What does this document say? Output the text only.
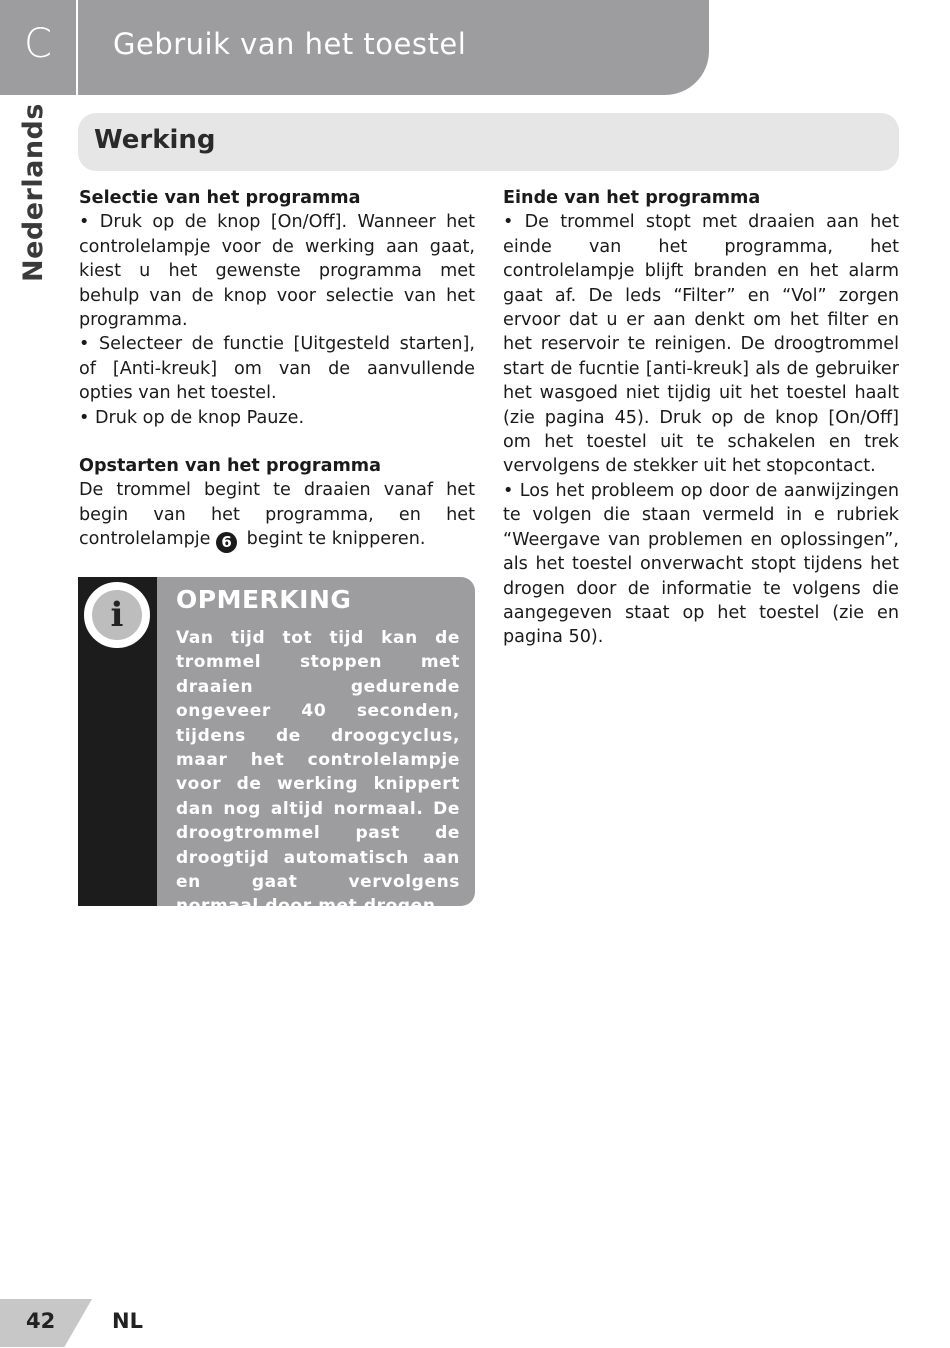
C Gebruik van het toestel
Nederlands Werking
Selectie van het programma

• Druk op de knop [On/Off]. Wanneer het controlelampje voor de werking aan gaat, kiest u het gewenste programma met behulp van de knop voor selectie van het programma.

• Selecteer de functie [Uitgesteld starten], of [Anti-kreuk] om van de aanvullende opties van het toestel.

• Druk op de knop Pauze.

Opstarten van het programma

De trommel begint te draaien vanaf het begin van het programma, en het controlelampje 6 begint te knipperen.

i	OPMERKING

Van tijd tot tijd kan de trommel stoppen met draaien gedurende ongeveer 40 seconden, tijdens de droogcyclus, maar het controlelampje voor de werking knippert dan nog altijd normaal. De droogtrommel past de droogtijd automatisch aan en gaat vervolgens normaal door met drogen.

Einde van het programma

• De trommel stopt met draaien aan het einde van het programma, het controlelampje blijft branden en het alarm gaat af. De leds “Filter” en “Vol” zorgen ervoor dat u er aan denkt om het filter en het reservoir te reinigen. De droogtrommel start de fucntie [anti-kreuk] als de gebruiker het wasgoed niet tijdig uit het toestel haalt (zie pagina 45). Druk op de knop [On/Off] om het toestel uit te schakelen en trek vervolgens de stekker uit het stopcontact.

• Los het probleem op door de aanwijzingen te volgen die staan vermeld in e rubriek “Weergave van problemen en oplossingen”, als het toestel onverwacht stopt tijdens het drogen door de informatie te volgens die aangegeven staat op het toestel (zie en pagina 50).

42	NL
